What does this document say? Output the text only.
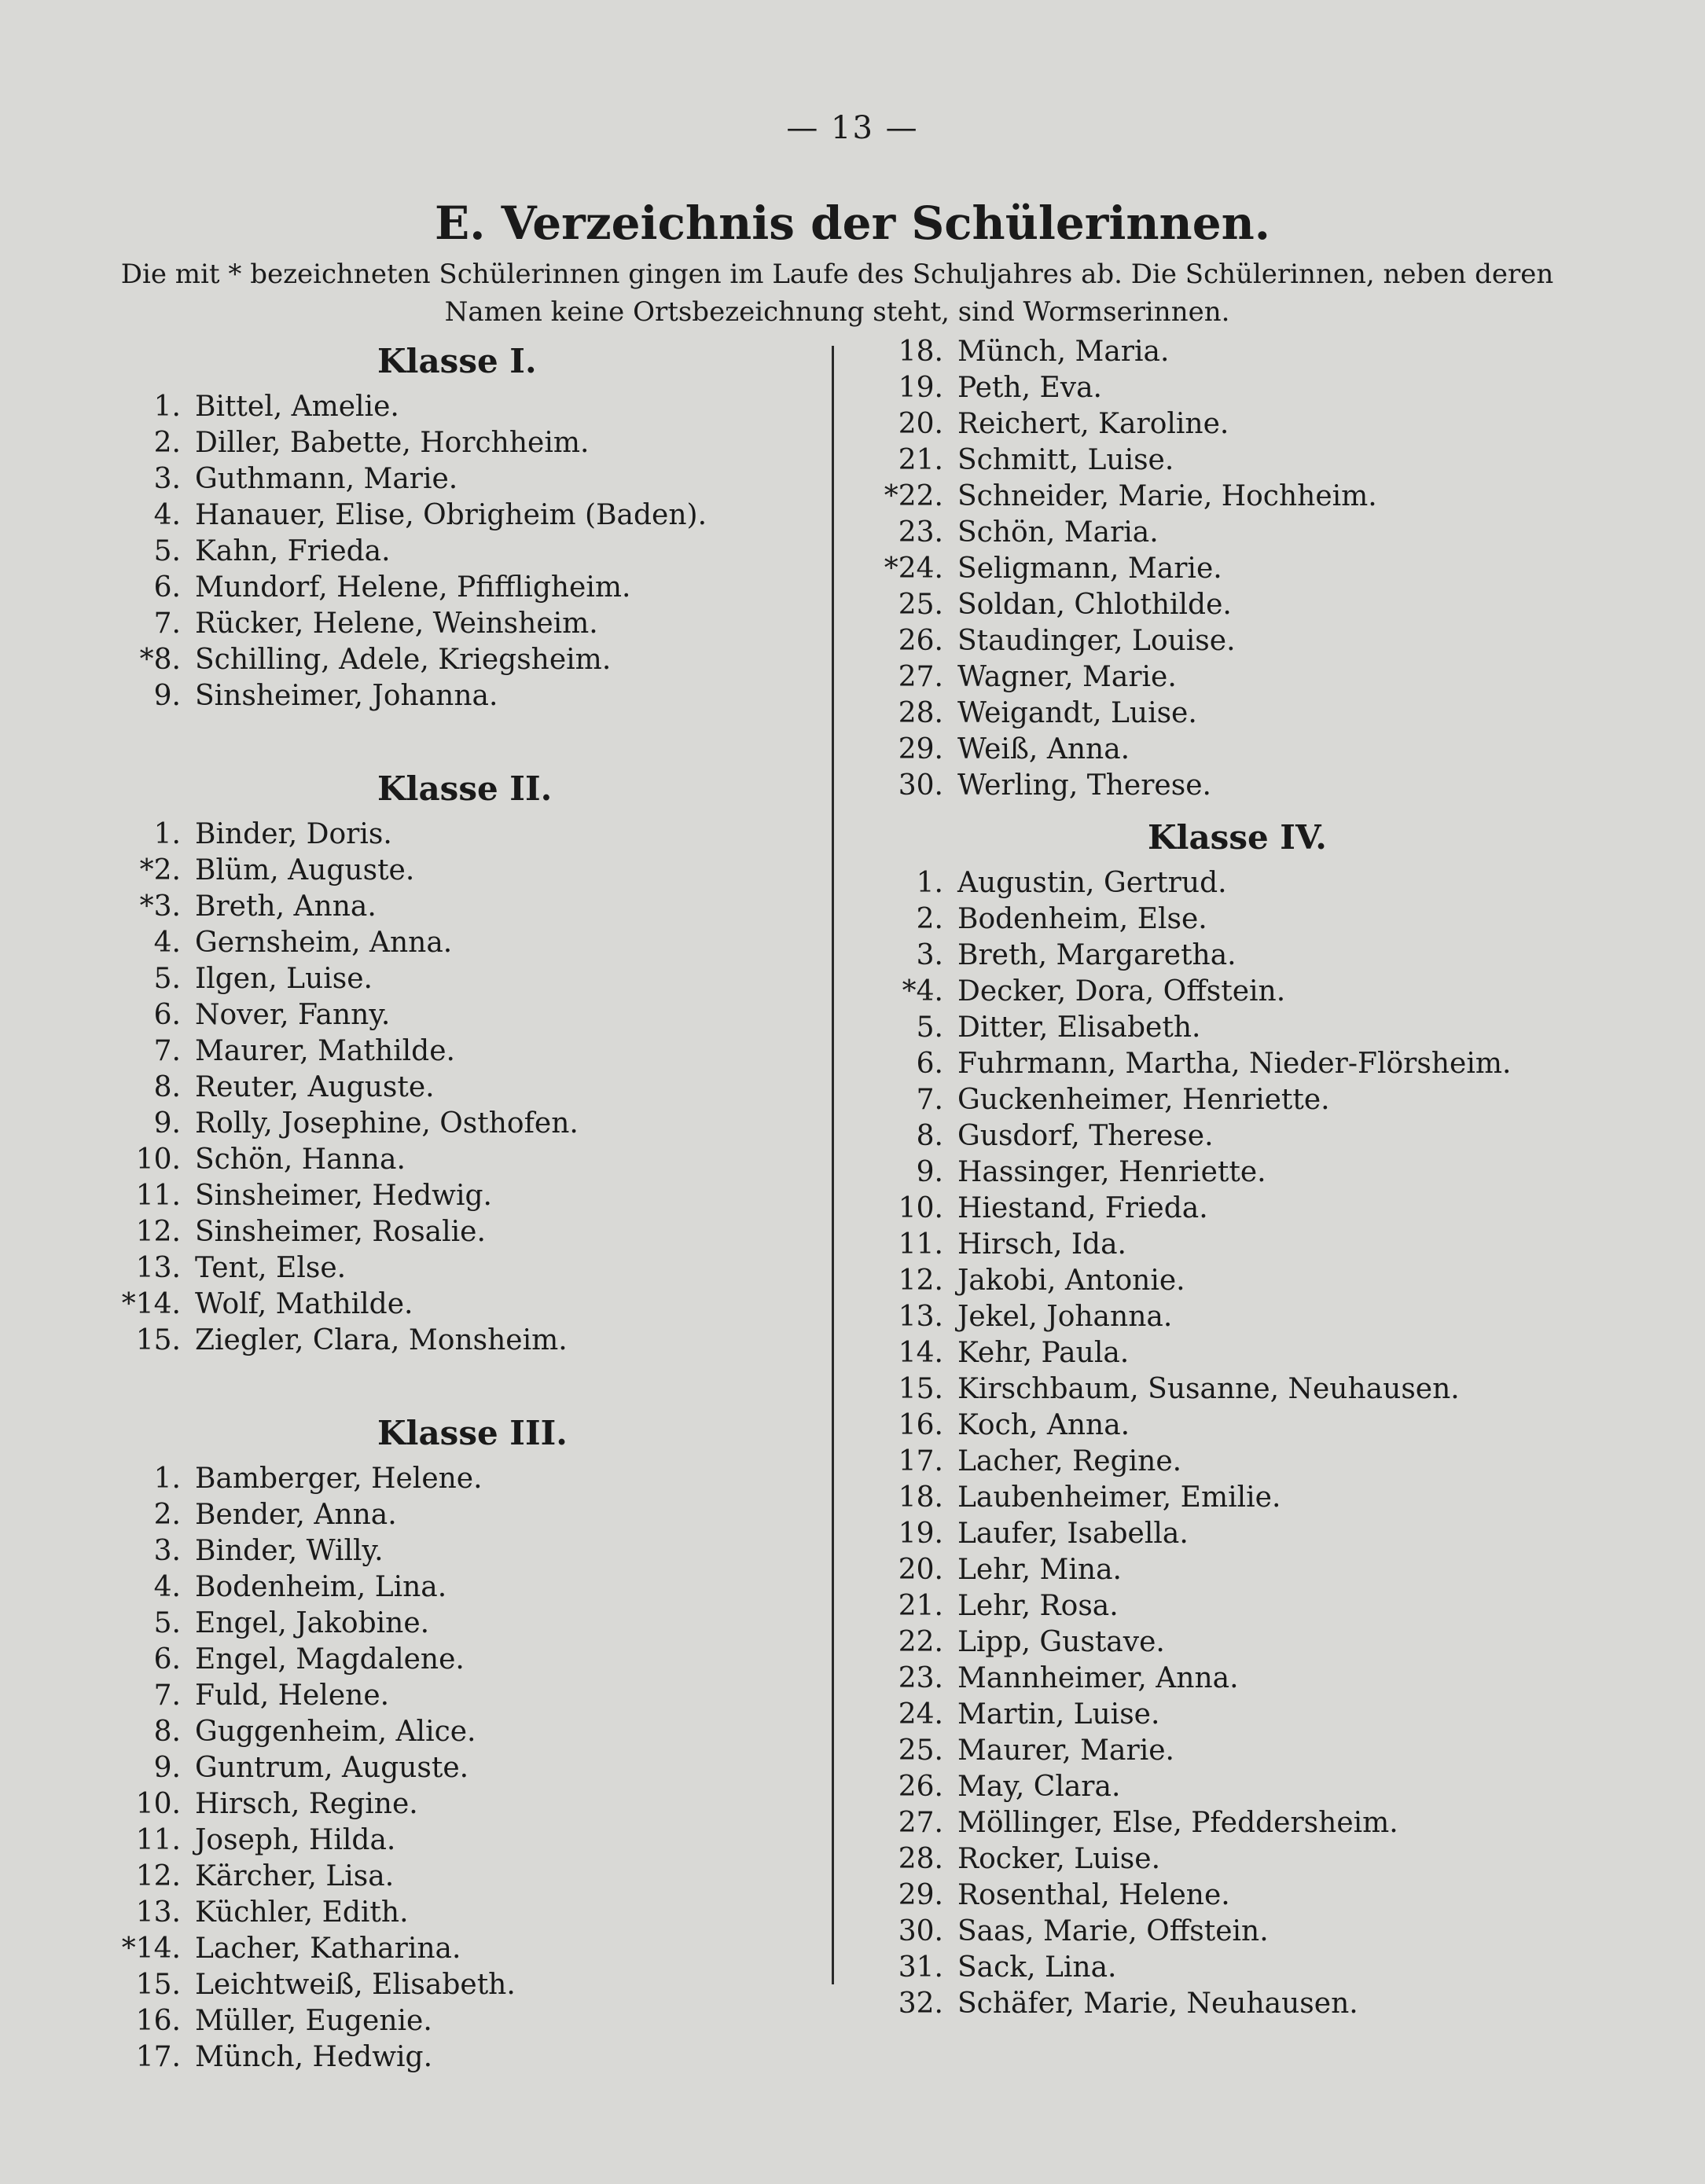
— 13 —
E. Verzeichnis der Schülerinnen.
Die mit * bezeichneten Schülerinnen gingen im Laufe des Schuljahres ab. Die Schülerinnen, neben deren Namen keine Ortsbezeichnung steht, sind Wormserinnen.
Klasse I.
1. Bittel, Amelie.
2. Diller, Babette, Horchheim.
3. Guthmann, Marie.
4. Hanauer, Elise, Obrigheim (Baden).
5. Kahn, Frieda.
6. Mundorf, Helene, Pfiffligheim.
7. Rücker, Helene, Weinsheim.
*8. Schilling, Adele, Kriegsheim.
9. Sinsheimer, Johanna.
Klasse II.
1. Binder, Doris.
*2. Blüm, Auguste.
*3. Breth, Anna.
4. Gernsheim, Anna.
5. Ilgen, Luise.
6. Nover, Fanny.
7. Maurer, Mathilde.
8. Reuter, Auguste.
9. Rolly, Josephine, Osthofen.
10. Schön, Hanna.
11. Sinsheimer, Hedwig.
12. Sinsheimer, Rosalie.
13. Tent, Else.
*14. Wolf, Mathilde.
15. Ziegler, Clara, Monsheim.
Klasse III.
1. Bamberger, Helene.
2. Bender, Anna.
3. Binder, Willy.
4. Bodenheim, Lina.
5. Engel, Jakobine.
6. Engel, Magdalene.
7. Fuld, Helene.
8. Guggenheim, Alice.
9. Guntrum, Auguste.
10. Hirsch, Regine.
11. Joseph, Hilda.
12. Kärcher, Lisa.
13. Küchler, Edith.
*14. Lacher, Katharina.
15. Leichtweiß, Elisabeth.
16. Müller, Eugenie.
17. Münch, Hedwig.
18. Münch, Maria.
19. Peth, Eva.
20. Reichert, Karoline.
21. Schmitt, Luise.
*22. Schneider, Marie, Hochheim.
23. Schön, Maria.
*24. Seligmann, Marie.
25. Soldan, Chlothilde.
26. Staudinger, Louise.
27. Wagner, Marie.
28. Weigandt, Luise.
29. Weiß, Anna.
30. Werling, Therese.
Klasse IV.
1. Augustin, Gertrud.
2. Bodenheim, Else.
3. Breth, Margaretha.
*4. Decker, Dora, Offstein.
5. Ditter, Elisabeth.
6. Fuhrmann, Martha, Nieder-Flörsheim.
7. Guckenheimer, Henriette.
8. Gusdorf, Therese.
9. Hassinger, Henriette.
10. Hiestand, Frieda.
11. Hirsch, Ida.
12. Jakobi, Antonie.
13. Jekel, Johanna.
14. Kehr, Paula.
15. Kirschbaum, Susanne, Neuhausen.
16. Koch, Anna.
17. Lacher, Regine.
18. Laubenheimer, Emilie.
19. Laufer, Isabella.
20. Lehr, Mina.
21. Lehr, Rosa.
22. Lipp, Gustave.
23. Mannheimer, Anna.
24. Martin, Luise.
25. Maurer, Marie.
26. May, Clara.
27. Möllinger, Else, Pfeddersheim.
28. Rocker, Luise.
29. Rosenthal, Helene.
30. Saas, Marie, Offstein.
31. Sack, Lina.
32. Schäfer, Marie, Neuhausen.
